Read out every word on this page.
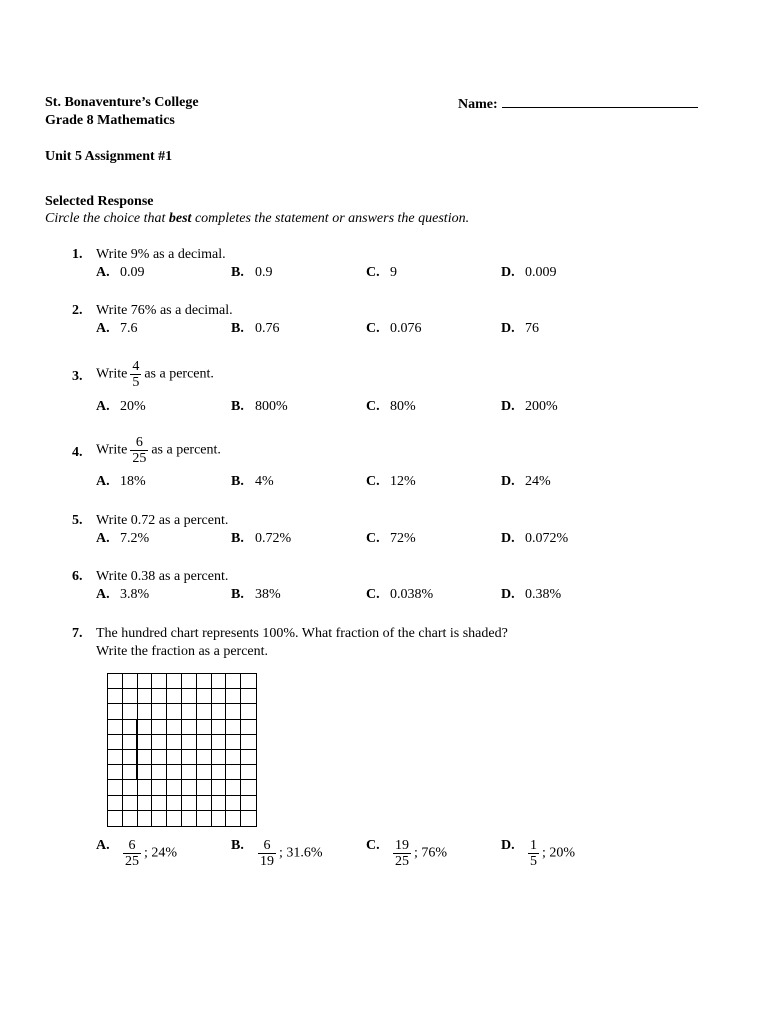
St. Bonaventure’s College
Grade 8 Mathematics
Name:
Unit 5 Assignment #1
Selected Response
Circle the choice that best completes the statement or answers the question.
1. Write 9% as a decimal.
A. 0.09	B. 0.9	C. 9	D. 0.009
2. Write 76% as a decimal.
A. 7.6	B. 0.76	C. 0.076	D. 76
3. Write $\frac{4}{5}$ as a percent.
A. 20%	B. 800%	C. 80%	D. 200%
4. Write $\frac{6}{25}$ as a percent.
A. 18%	B. 4%	C. 12%	D. 24%
5. Write 0.72 as a percent.
A. 7.2%	B. 0.72%	C. 72%	D. 0.072%
6. Write 0.38 as a percent.
A. 3.8%	B. 38%	C. 0.038%	D. 0.38%
7. The hundred chart represents 100%. What fraction of the chart is shaded?
Write the fraction as a percent.
A. $\frac{6}{25}$ ; 24%
B. $\frac{6}{19}$ ; 31.6%
C. $\frac{19}{25}$ ; 76%
D. $\frac{1}{5}$ ; 20%
